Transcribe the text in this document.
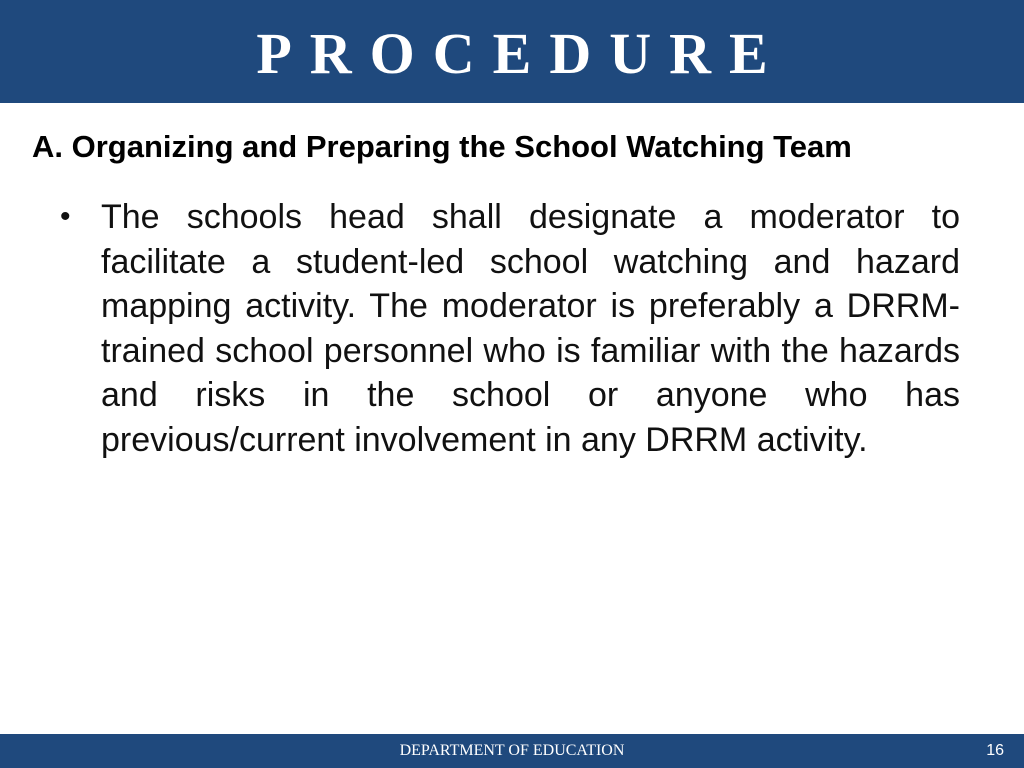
PROCEDURE
A. Organizing and Preparing the School Watching Team
• The schools head shall designate a moderator to facilitate a student-led school watching and hazard mapping activity. The moderator is preferably a DRRM-trained school personnel who is familiar with the hazards and risks in the school or anyone who has previous/current involvement in any DRRM activity.
DEPARTMENT OF EDUCATION	16
